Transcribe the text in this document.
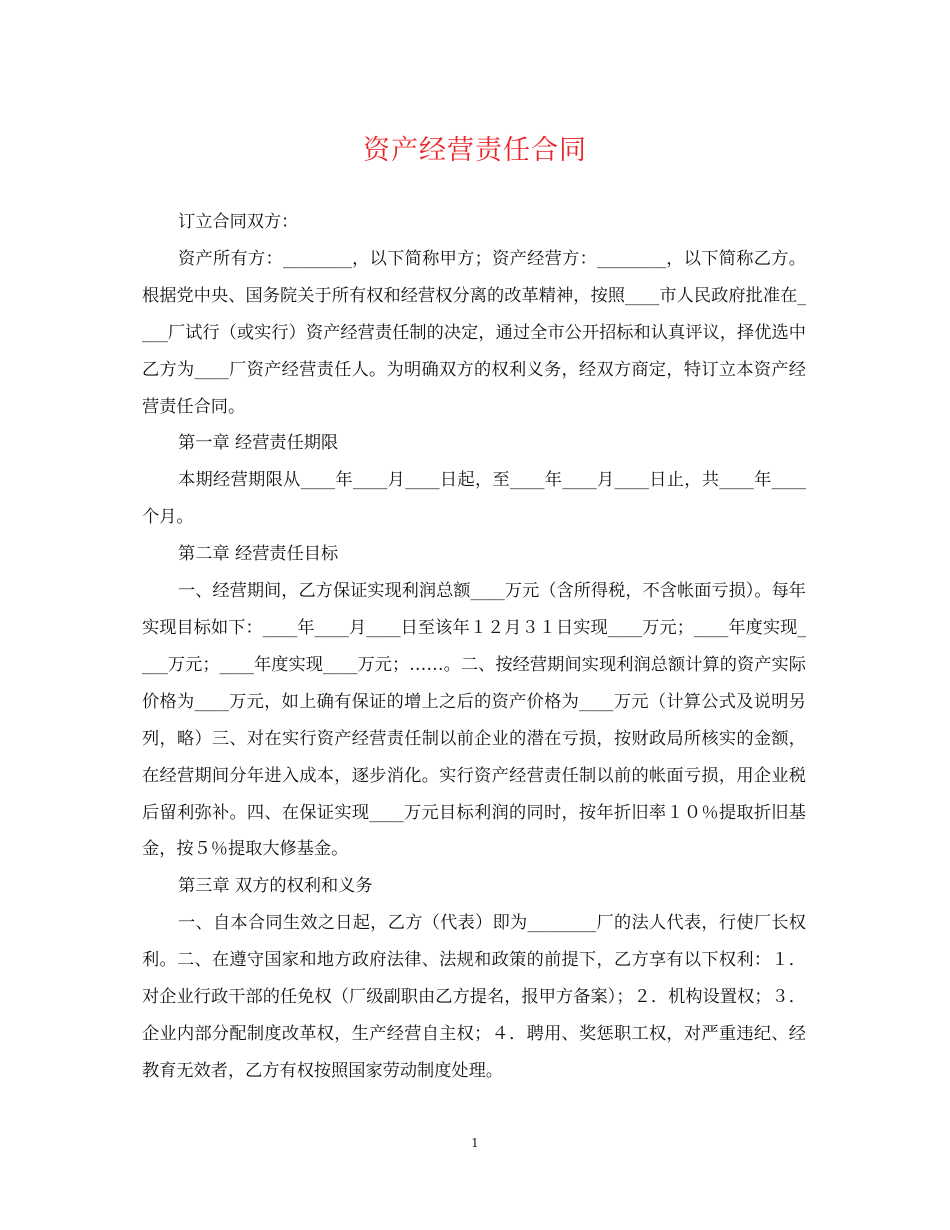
资产经营责任合同

订立合同双方：

资产所有方：________，以下简称甲方；资产经营方：________，以下简称乙方。根据党中央、国务院关于所有权和经营权分离的改革精神，按照____市人民政府批准在____厂试行（或实行）资产经营责任制的决定，通过全市公开招标和认真评议，择优选中乙方为____厂资产经营责任人。为明确双方的权利义务，经双方商定，特订立本资产经营责任合同。

第一章 经营责任期限

本期经营期限从____年____月____日起，至____年____月____日止，共____年____个月。

第二章 经营责任目标

一、经营期间，乙方保证实现利润总额____万元（含所得税，不含帐面亏损）。每年实现目标如下：____年____月____日至该年１２月３１日实现____万元；____年度实现____万元；____年度实现____万元；……。二、按经营期间实现利润总额计算的资产实际价格为____万元，如上确有保证的增上之后的资产价格为____万元（计算公式及说明另列，略）三、对在实行资产经营责任制以前企业的潜在亏损，按财政局所核实的金额，在经营期间分年进入成本，逐步消化。实行资产经营责任制以前的帐面亏损，用企业税后留利弥补。四、在保证实现____万元目标利润的同时，按年折旧率１０％提取折旧基金，按５％提取大修基金。

第三章 双方的权利和义务

一、自本合同生效之日起，乙方（代表）即为________厂的法人代表，行使厂长权利。二、在遵守国家和地方政府法律、法规和政策的前提下，乙方享有以下权利：１．对企业行政干部的任免权（厂级副职由乙方提名，报甲方备案）；２．机构设置权；３．企业内部分配制度改革权，生产经营自主权；４．聘用、奖惩职工权，对严重违纪、经教育无效者，乙方有权按照国家劳动制度处理。

1
